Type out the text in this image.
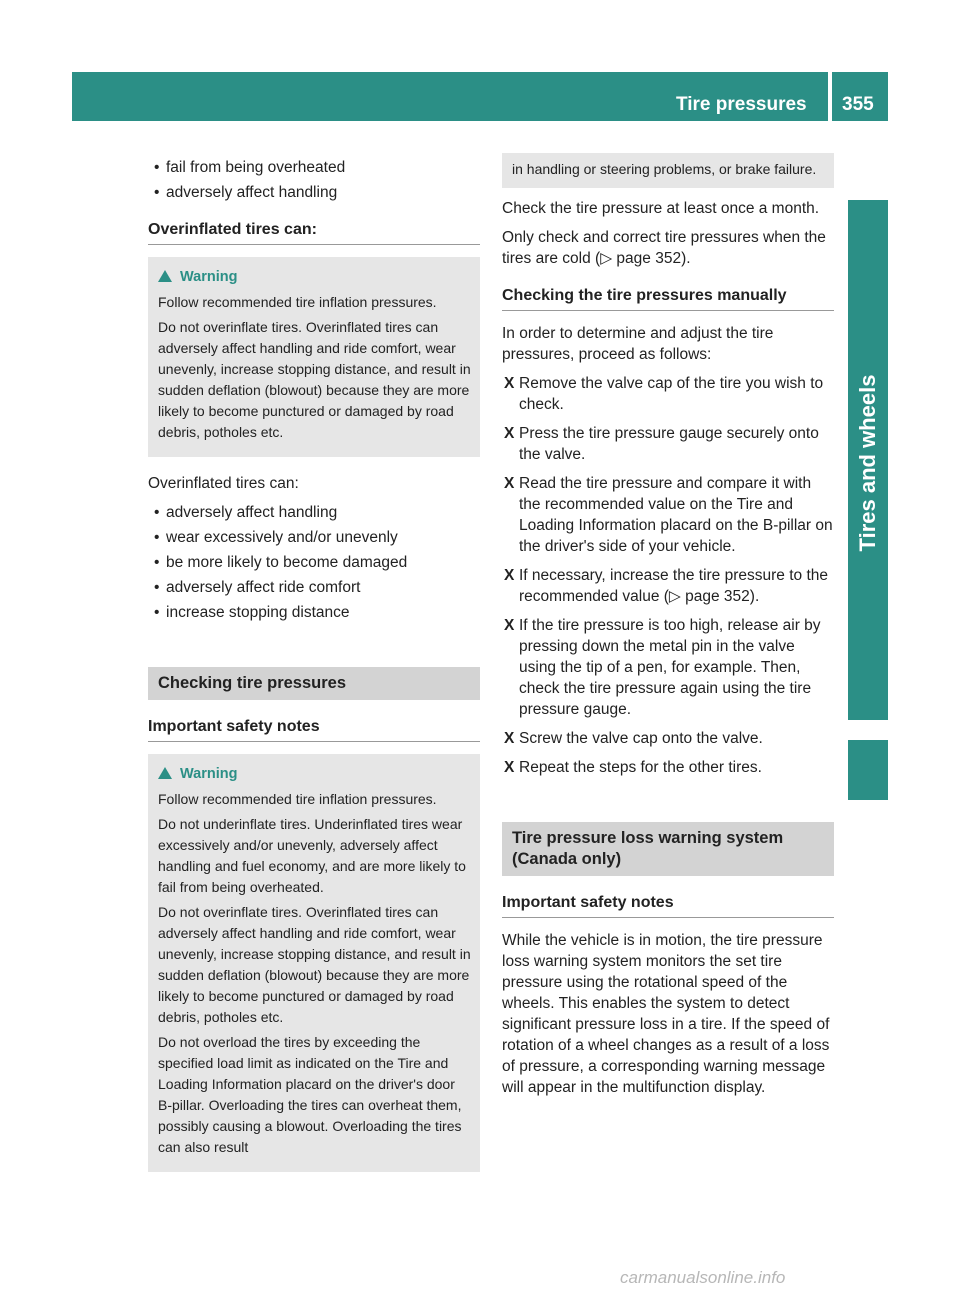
Tire pressures 355
Tires and wheels
• fail from being overheated
• adversely affect handling
Overinflated tires can:
Warning

Follow recommended tire inflation pressures.

Do not overinflate tires. Overinflated tires can adversely affect handling and ride comfort, wear unevenly, increase stopping distance, and result in sudden deflation (blowout) because they are more likely to become punctured or damaged by road debris, potholes etc.

Overinflated tires can:

• adversely affect handling
• wear excessively and/or unevenly
• be more likely to become damaged
• adversely affect ride comfort
• increase stopping distance
Checking tire pressures
Important safety notes
Warning

Follow recommended tire inflation pressures.

Do not underinflate tires. Underinflated tires wear excessively and/or unevenly, adversely affect handling and fuel economy, and are more likely to fail from being overheated.

Do not overinflate tires. Overinflated tires can adversely affect handling and ride comfort, wear unevenly, increase stopping distance, and result in sudden deflation (blowout) because they are more likely to become punctured or damaged by road debris, potholes etc.

Do not overload the tires by exceeding the specified load limit as indicated on the Tire and Loading Information placard on the driver's door B-pillar. Overloading the tires can overheat them, possibly causing a blowout. Overloading the tires can also result

in handling or steering problems, or brake failure.

Check the tire pressure at least once a month.

Only check and correct tire pressures when the tires are cold (▷ page 352).

Checking the tire pressures manually

In order to determine and adjust the tire pressures, proceed as follows:

X Remove the valve cap of the tire you wish to check.
X Press the tire pressure gauge securely onto the valve.
X Read the tire pressure and compare it with the recommended value on the Tire and Loading Information placard on the B-pillar on the driver's side of your vehicle.
X If necessary, increase the tire pressure to the recommended value (▷ page 352).
X If the tire pressure is too high, release air by pressing down the metal pin in the valve using the tip of a pen, for example. Then, check the tire pressure again using the tire pressure gauge.
X Screw the valve cap onto the valve.
X Repeat the steps for the other tires.
Tire pressure loss warning system (Canada only)
Important safety notes

While the vehicle is in motion, the tire pressure loss warning system monitors the set tire pressure using the rotational speed of the wheels. This enables the system to detect significant pressure loss in a tire. If the speed of rotation of a wheel changes as a result of a loss of pressure, a corresponding warning message will appear in the multifunction display.

carmanualsonline.info
